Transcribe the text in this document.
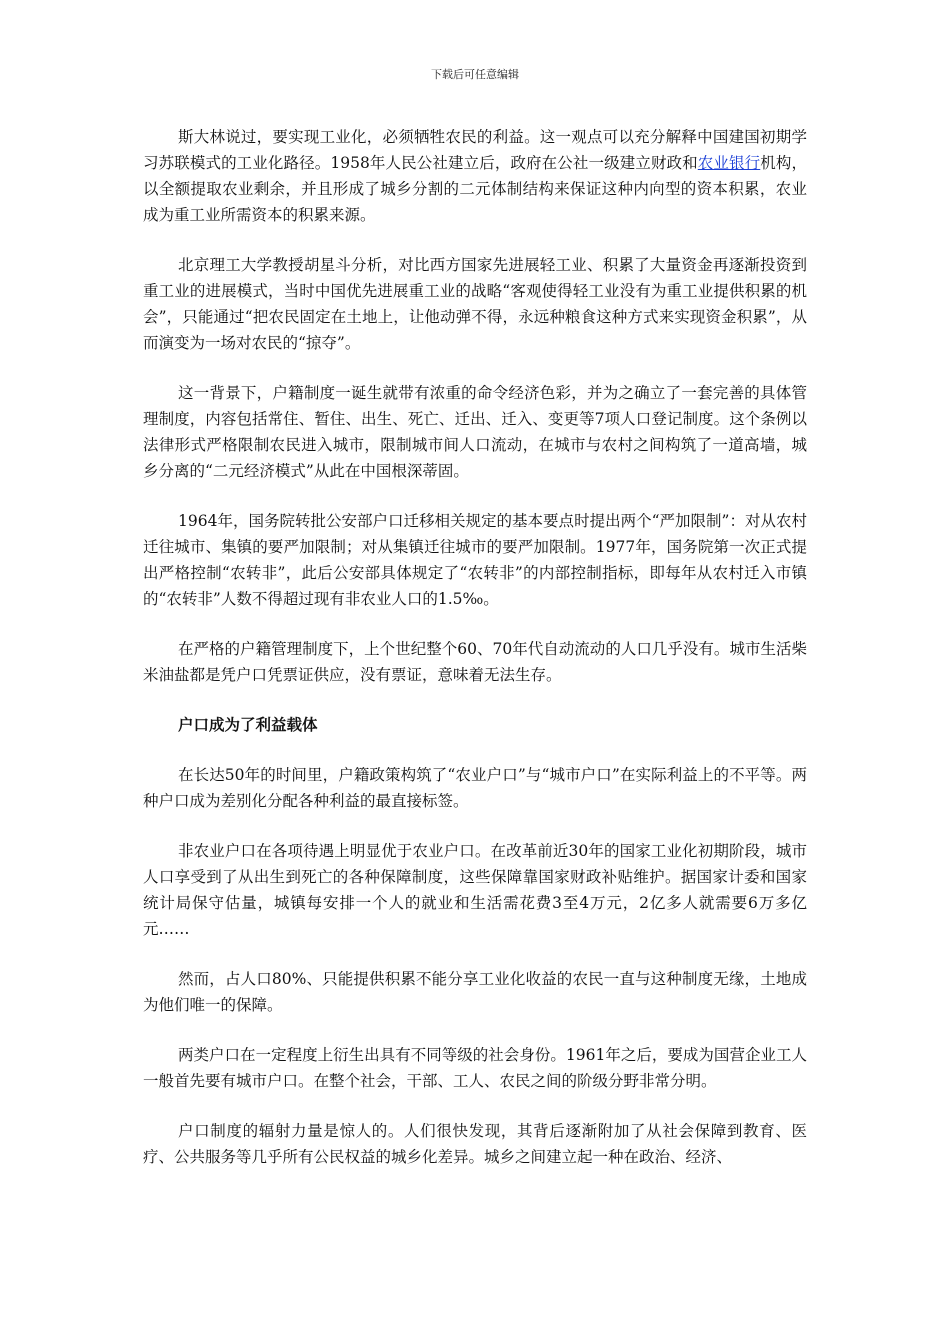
下载后可任意编辑

斯大林说过，要实现工业化，必须牺牲农民的利益。这一观点可以充分解释中国建国初期学习苏联模式的工业化路径。1958年人民公社建立后，政府在公社一级建立财政和农业银行机构，以全额提取农业剩余，并且形成了城乡分割的二元体制结构来保证这种内向型的资本积累，农业成为重工业所需资本的积累来源。

北京理工大学教授胡星斗分析，对比西方国家先进展轻工业、积累了大量资金再逐渐投资到重工业的进展模式，当时中国优先进展重工业的战略“客观使得轻工业没有为重工业提供积累的机会”，只能通过“把农民固定在土地上，让他动弹不得，永远种粮食这种方式来实现资金积累”，从而演变为一场对农民的“掠夺”。

这一背景下，户籍制度一诞生就带有浓重的命令经济色彩，并为之确立了一套完善的具体管理制度，内容包括常住、暂住、出生、死亡、迁出、迁入、变更等7项人口登记制度。这个条例以法律形式严格限制农民进入城市，限制城市间人口流动，在城市与农村之间构筑了一道高墙，城乡分离的“二元经济模式”从此在中国根深蒂固。

1964年，国务院转批公安部户口迁移相关规定的基本要点时提出两个“严加限制”：对从农村迁往城市、集镇的要严加限制；对从集镇迁往城市的要严加限制。1977年，国务院第一次正式提出严格控制“农转非”，此后公安部具体规定了“农转非”的内部控制指标，即每年从农村迁入市镇的“农转非”人数不得超过现有非农业人口的1.5‰。

在严格的户籍管理制度下，上个世纪整个60、70年代自动流动的人口几乎没有。城市生活柴米油盐都是凭户口凭票证供应，没有票证，意味着无法生存。

户口成为了利益载体

在长达50年的时间里，户籍政策构筑了“农业户口”与“城市户口”在实际利益上的不平等。两种户口成为差别化分配各种利益的最直接标签。

非农业户口在各项待遇上明显优于农业户口。在改革前近30年的国家工业化初期阶段，城市人口享受到了从出生到死亡的各种保障制度，这些保障靠国家财政补贴维护。据国家计委和国家统计局保守估量，城镇每安排一个人的就业和生活需花费3至4万元，2亿多人就需要6万多亿元……

然而，占人口80%、只能提供积累不能分享工业化收益的农民一直与这种制度无缘，土地成为他们唯一的保障。

两类户口在一定程度上衍生出具有不同等级的社会身份。1961年之后，要成为国营企业工人一般首先要有城市户口。在整个社会，干部、工人、农民之间的阶级分野非常分明。

户口制度的辐射力量是惊人的。人们很快发现，其背后逐渐附加了从社会保障到教育、医疗、公共服务等几乎所有公民权益的城乡化差异。城乡之间建立起一种在政治、经济、
